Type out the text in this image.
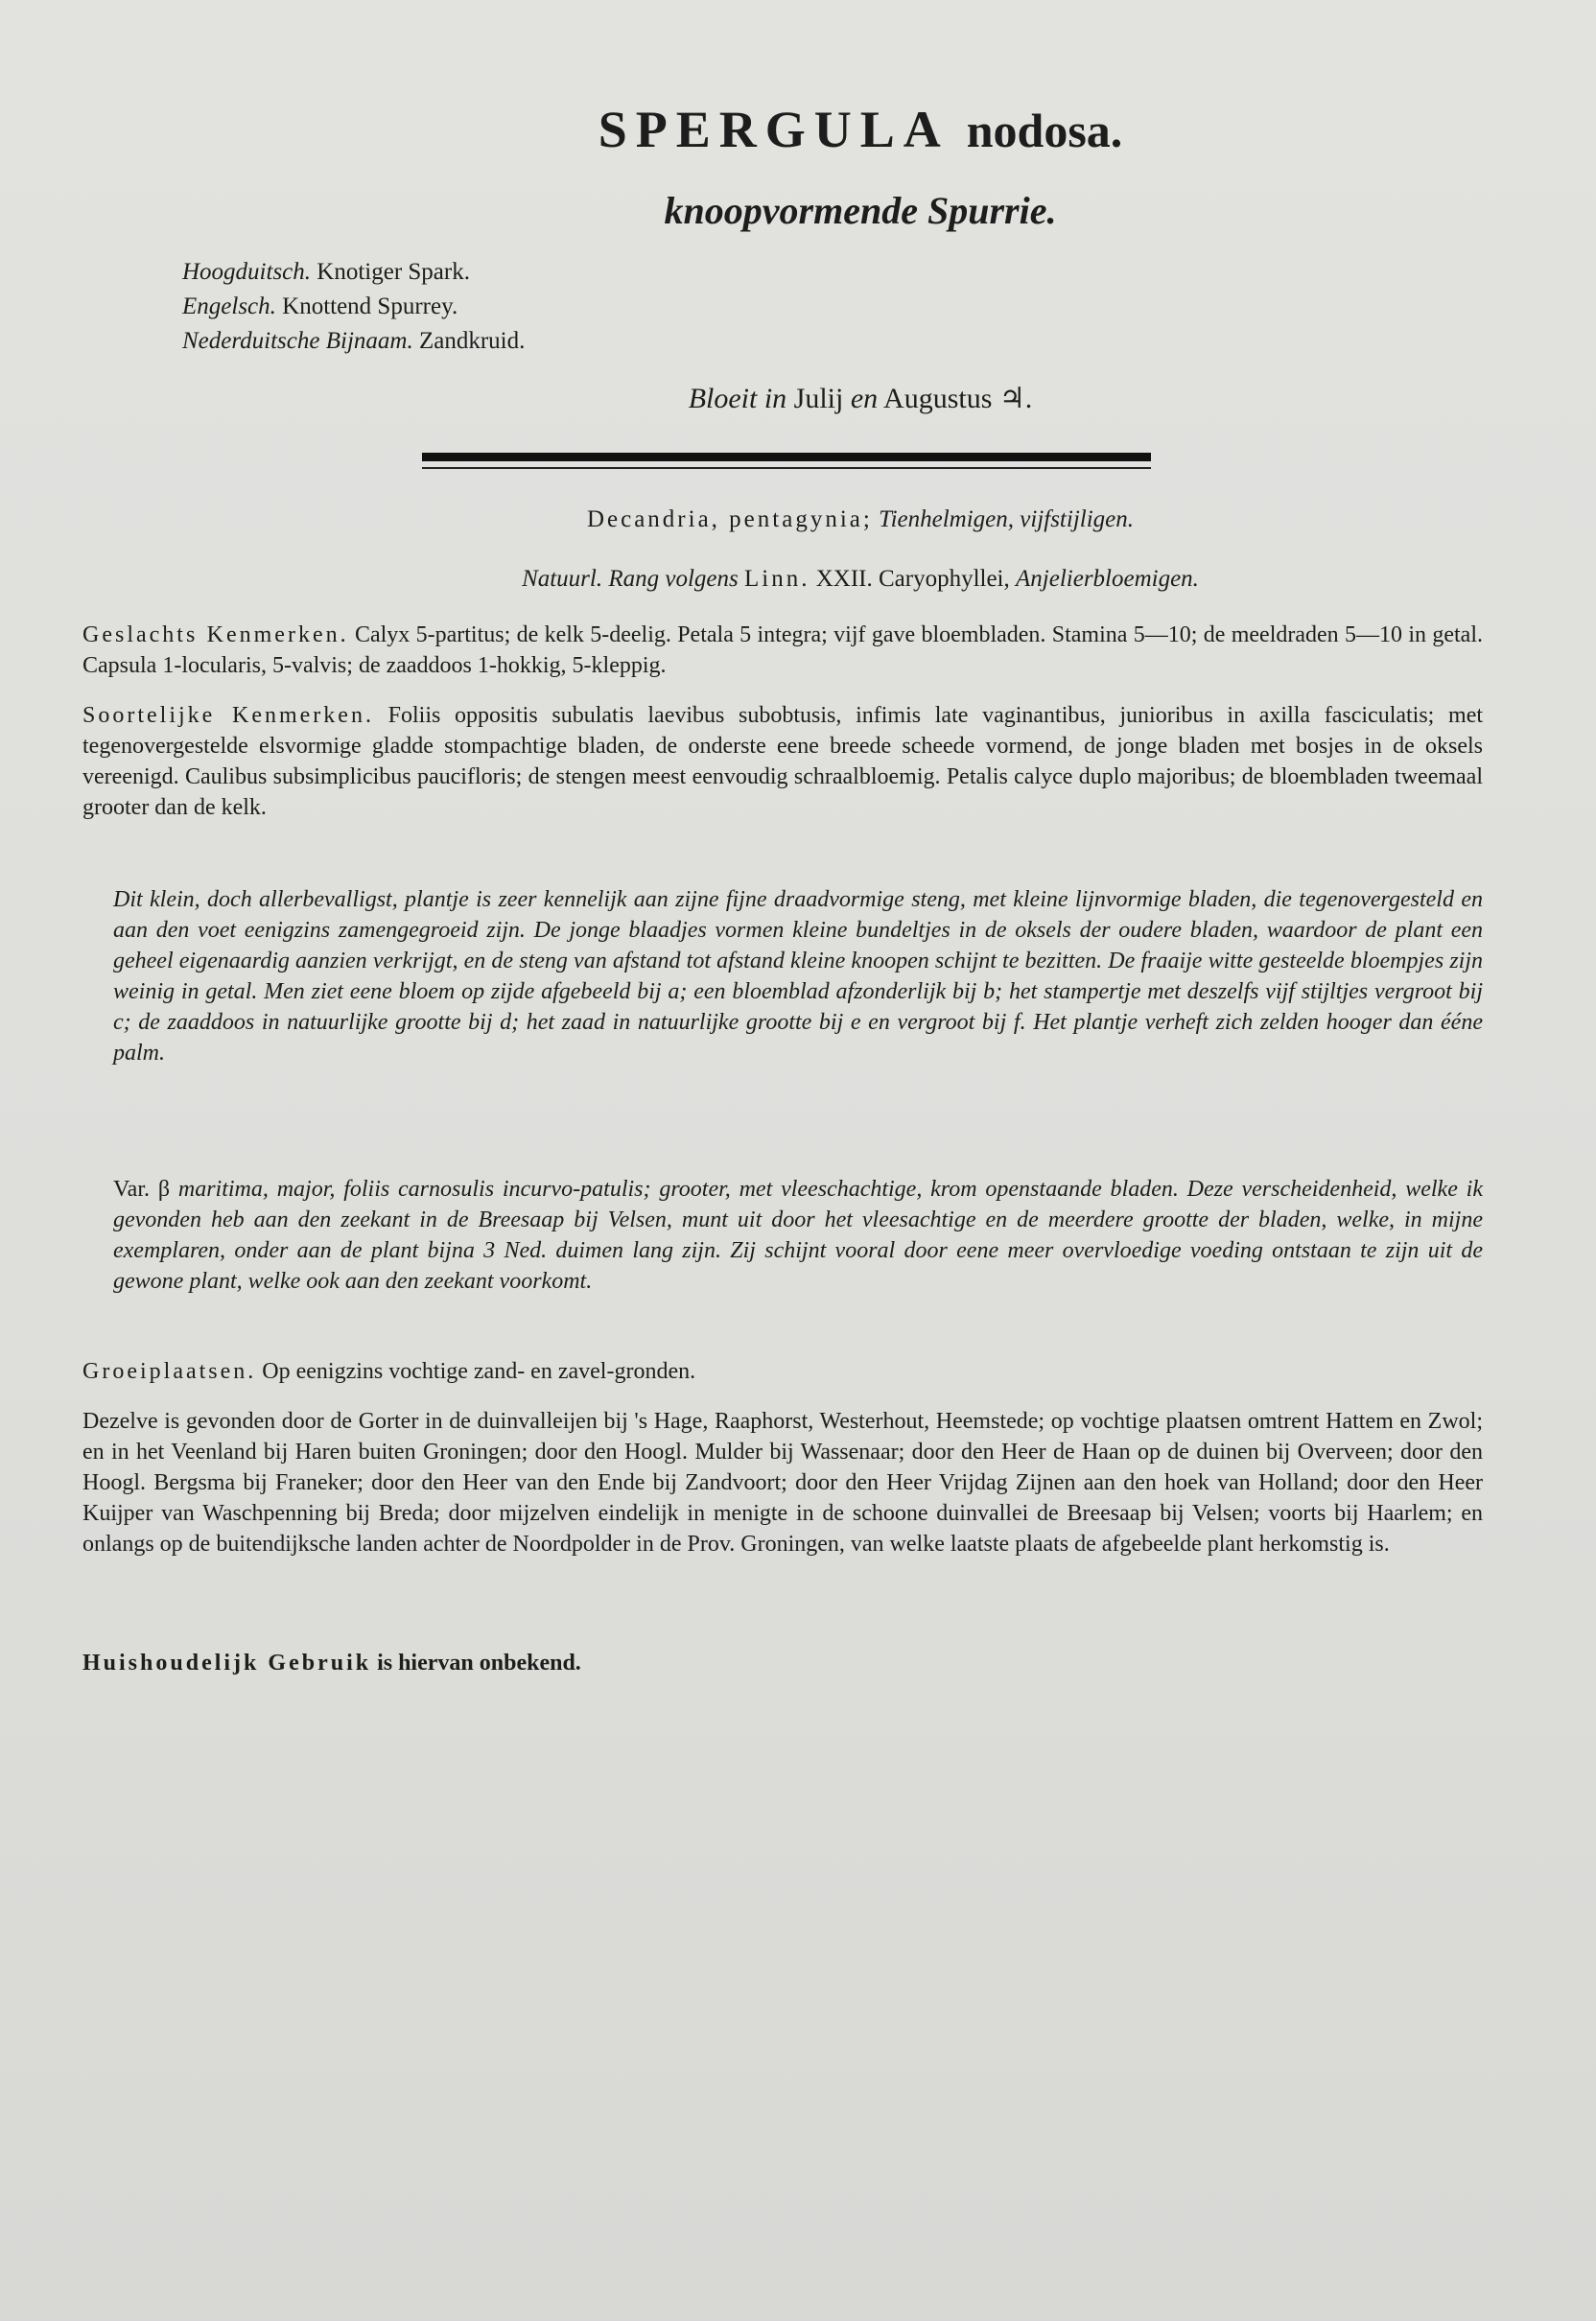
SPERGULA nodosa.
knoopvormende Spurrie.
Hoogduitsch. Knotiger Spark.
Engelsch. Knottend Spurrey.
Nederduitsche Bijnaam. Zandkruid.
Bloeit in Julij en Augustus ♃.
Decandria, pentagynia; Tienhelmigen, vijfstijligen.
Natuurl. Rang volgens Linn. XXII. Caryophyllei, Anjelierbloemigen.
Geslachts Kenmerken. Calyx 5-partitus; de kelk 5-deelig. Petala 5 integra; vijf gave bloembladen. Stamina 5—10; de meeldraden 5—10 in getal. Capsula 1-locularis, 5-valvis; de zaaddoos 1-hokkig, 5-kleppig.
Soortelijke Kenmerken. Foliis oppositis subulatis laevibus subobtusis, infimis late vaginantibus, junioribus in axilla fasciculatis; met tegenovergestelde elsvormige gladde stompachtige bladen, de onderste eene breede scheede vormend, de jonge bladen met bosjes in de oksels vereenigd. Caulibus subsimplicibus paucifloris; de stengen meest eenvoudig schraalbloemig. Petalis calyce duplo majoribus; de bloembladen tweemaal grooter dan de kelk.
Dit klein, doch allerbevalligst, plantje is zeer kennelijk aan zijne fijne draadvormige steng, met kleine lijnvormige bladen, die tegenovergesteld en aan den voet eenigzins zamengegroeid zijn. De jonge blaadjes vormen kleine bundeltjes in de oksels der oudere bladen, waardoor de plant een geheel eigenaardig aanzien verkrijgt, en de steng van afstand tot afstand kleine knoopen schijnt te bezitten. De fraaije witte gesteelde bloempjes zijn weinig in getal. Men ziet eene bloem op zijde afgebeeld bij a; een bloemblad afzonderlijk bij b; het stampertje met deszelfs vijf stijltjes vergroot bij c; de zaaddoos in natuurlijke grootte bij d; het zaad in natuurlijke grootte bij e en vergroot bij f. Het plantje verheft zich zelden hooger dan ééne palm.
Var. β maritima, major, foliis carnosulis incurvo-patulis; grooter, met vleeschachtige, krom openstaande bladen. Deze verscheidenheid, welke ik gevonden heb aan den zeekant in de Breesaap bij Velsen, munt uit door het vleesachtige en de meerdere grootte der bladen, welke, in mijne exemplaren, onder aan de plant bijna 3 Ned. duimen lang zijn. Zij schijnt vooral door eene meer overvloedige voeding ontstaan te zijn uit de gewone plant, welke ook aan den zeekant voorkomt.
Groeiplaatsen. Op eenigzins vochtige zand- en zavel-gronden.
Dezelve is gevonden door de Gorter in de duinvalleijen bij 's Hage, Raaphorst, Westerhout, Heemstede; op vochtige plaatsen omtrent Hattem en Zwol; en in het Veenland bij Haren buiten Groningen; door den Hoogl. Mulder bij Wassenaar; door den Heer de Haan op de duinen bij Overveen; door den Hoogl. Bergsma bij Franeker; door den Heer van den Ende bij Zandvoort; door den Heer Vrijdag Zijnen aan den hoek van Holland; door den Heer Kuijper van Waschpenning bij Breda; door mijzelven eindelijk in menigte in de schoone duinvallei de Breesaap bij Velsen; voorts bij Haarlem; en onlangs op de buitendijksche landen achter de Noordpolder in de Prov. Groningen, van welke laatste plaats de afgebeelde plant herkomstig is.
Huishoudelijk Gebruik is hiervan onbekend.
